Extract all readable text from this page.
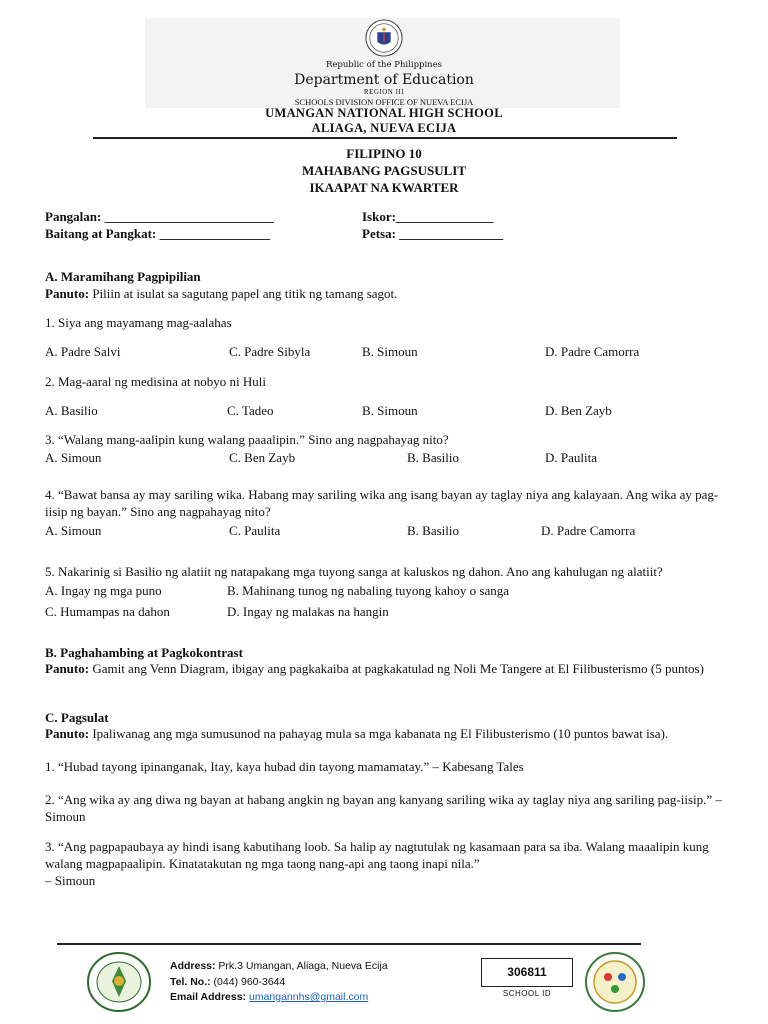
Republic of the Philippines
Department of Education
REGION III
SCHOOLS DIVISION OFFICE OF NUEVA ECIJA
UMANGAN NATIONAL HIGH SCHOOL
ALIAGA, NUEVA ECIJA
FILIPINO 10
MAHABANG PAGSUSULIT
IKAAPAT NA KWARTER
Pangalan: __________________________	Iskor:_______________
Baitang at Pangkat: _________________	Petsa: ________________
A. Maramihang Pagpipilian
Panuto: Piliin at isulat sa sagutang papel ang titik ng tamang sagot.
1. Siya ang mayamang mag-aalahas
A. Padre Salvi	C. Padre Sibyla	B. Simoun	D. Padre Camorra
2. Mag-aaral ng medisina at nobyo ni Huli
A. Basilio	C. Tadeo	B. Simoun	D. Ben Zayb
3. “Walang mang-aalipin kung walang paaalipin.” Sino ang nagpahayag nito?
A. Simoun	C. Ben Zayb	B. Basilio	D. Paulita
4. “Bawat bansa ay may sariling wika. Habang may sariling wika ang isang bayan ay taglay niya ang kalayaan. Ang wika ay pag-iisip ng bayan.” Sino ang nagpahayag nito?
A. Simoun	C. Paulita	B. Basilio	D. Padre Camorra
5. Nakarinig si Basilio ng alatiit ng natapakang mga tuyong sanga at kaluskos ng dahon. Ano ang kahulugan ng alatiit?
A. Ingay ng mga puno	B. Mahinang tunog ng nabaling tuyong kahoy o sanga
C. Humampas na dahon	D. Ingay ng malakas na hangin
B. Paghahambing at Pagkokontrast
Panuto: Gamit ang Venn Diagram, ibigay ang pagkakaiba at pagkakatulad ng Noli Me Tangere at El Filibusterismo (5 puntos)
C. Pagsulat
Panuto: Ipaliwanag ang mga sumusunod na pahayag mula sa mga kabanata ng El Filibusterismo (10 puntos bawat isa).
1. “Hubad tayong ipinanganak, Itay, kaya hubad din tayong mamamatay.” – Kabesang Tales
2. “Ang wika ay ang diwa ng bayan at habang angkin ng bayan ang kanyang sariling wika ay taglay niya ang sariling pag-iisip.” – Simoun
3. “Ang pagpapaubaya ay hindi isang kabutihang loob. Sa halip ay nagtutulak ng kasamaan para sa iba. Walang maaalipin kung walang magpapaalipin. Kinatatakutan ng mga taong nang-api ang taong inapi nila.”
– Simoun
Address: Prk.3 Umangan, Aliaga, Nueva Ecija
Tel. No.: (044) 960-3644
Email Address: umangannhs@gmail.com
306811
SCHOOL ID
